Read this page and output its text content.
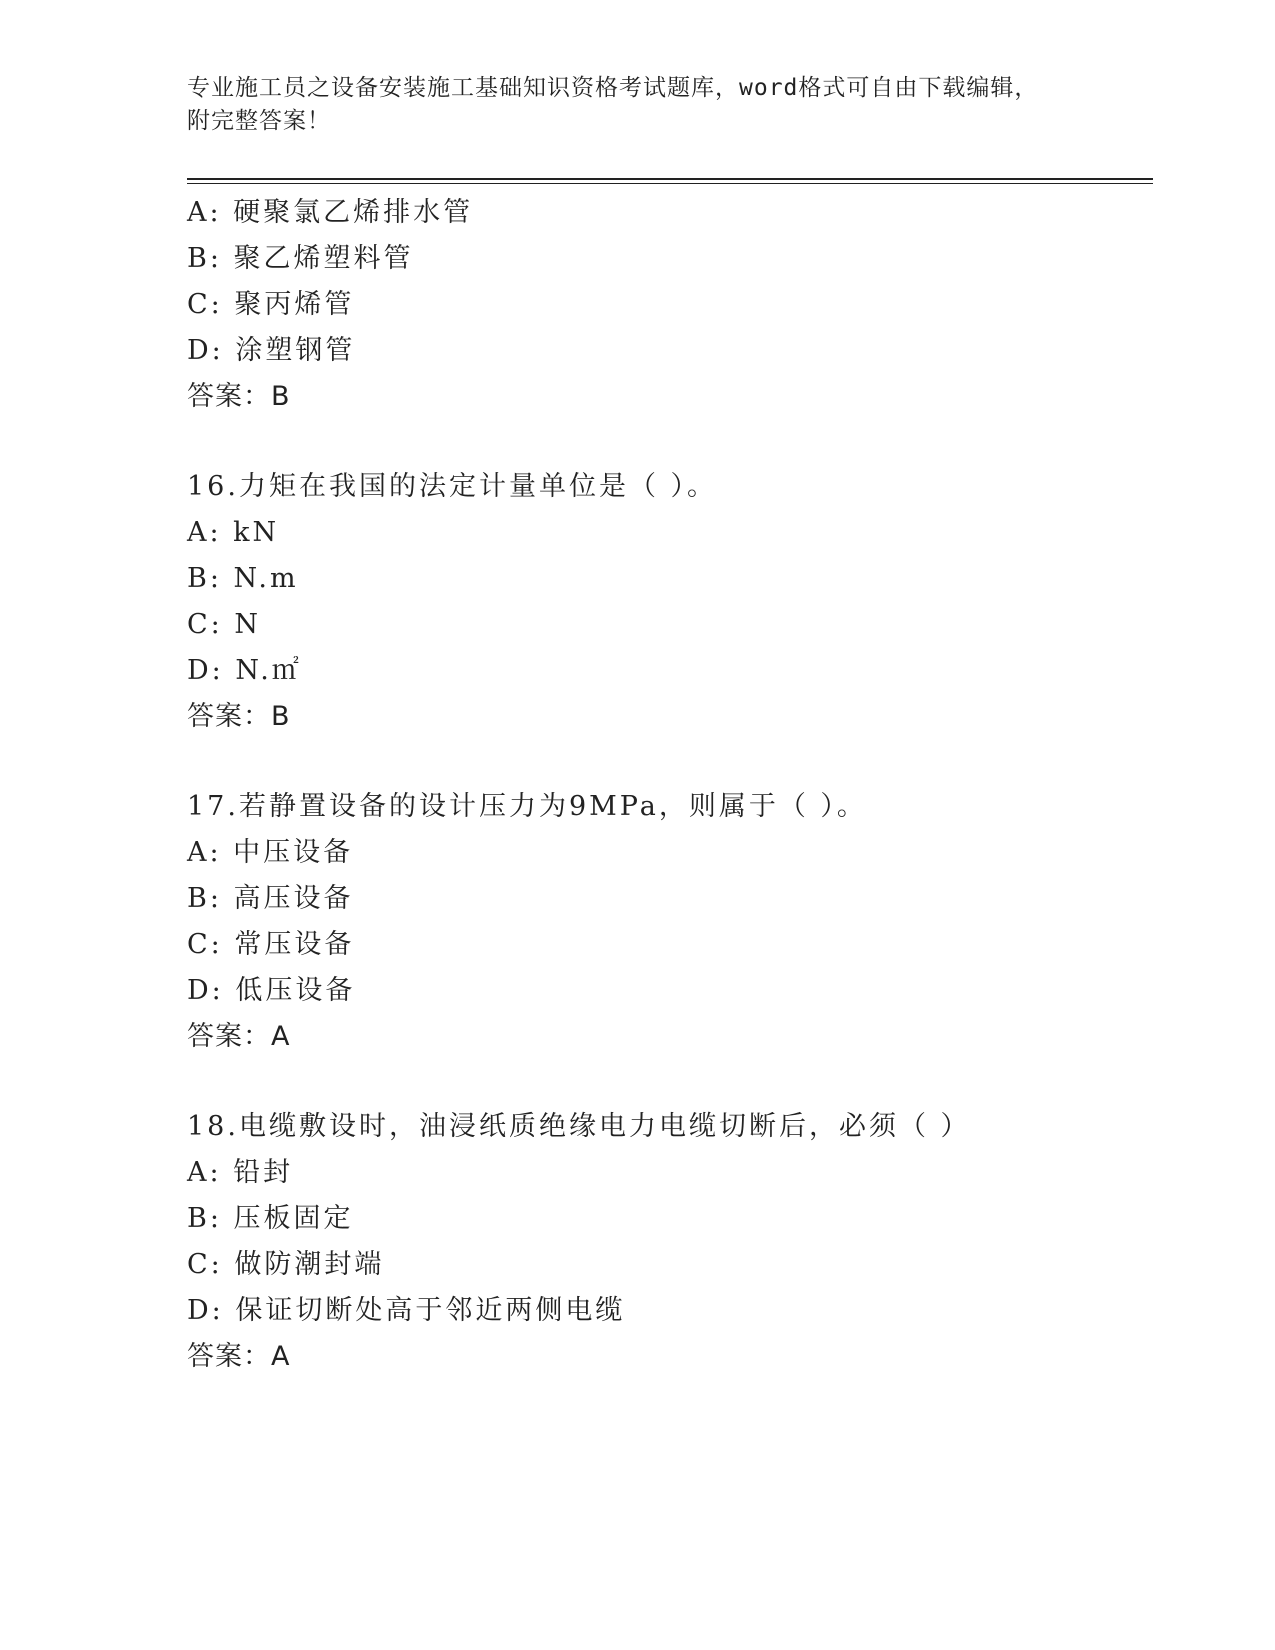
专业施工员之设备安装施工基础知识资格考试题库，word格式可自由下载编辑，
附完整答案！
A: 硬聚氯乙烯排水管
B: 聚乙烯塑料管
C: 聚丙烯管
D: 涂塑钢管
答案：B
16.力矩在我国的法定计量单位是（ ）。
A: kN
B: N.m
C: N
D: N.㎡
答案：B
17.若静置设备的设计压力为9MPa，则属于（ ）。
A: 中压设备
B: 高压设备
C: 常压设备
D: 低压设备
答案：A
18.电缆敷设时，油浸纸质绝缘电力电缆切断后，必须（ ）
A: 铅封
B: 压板固定
C: 做防潮封端
D: 保证切断处高于邻近两侧电缆
答案：A
